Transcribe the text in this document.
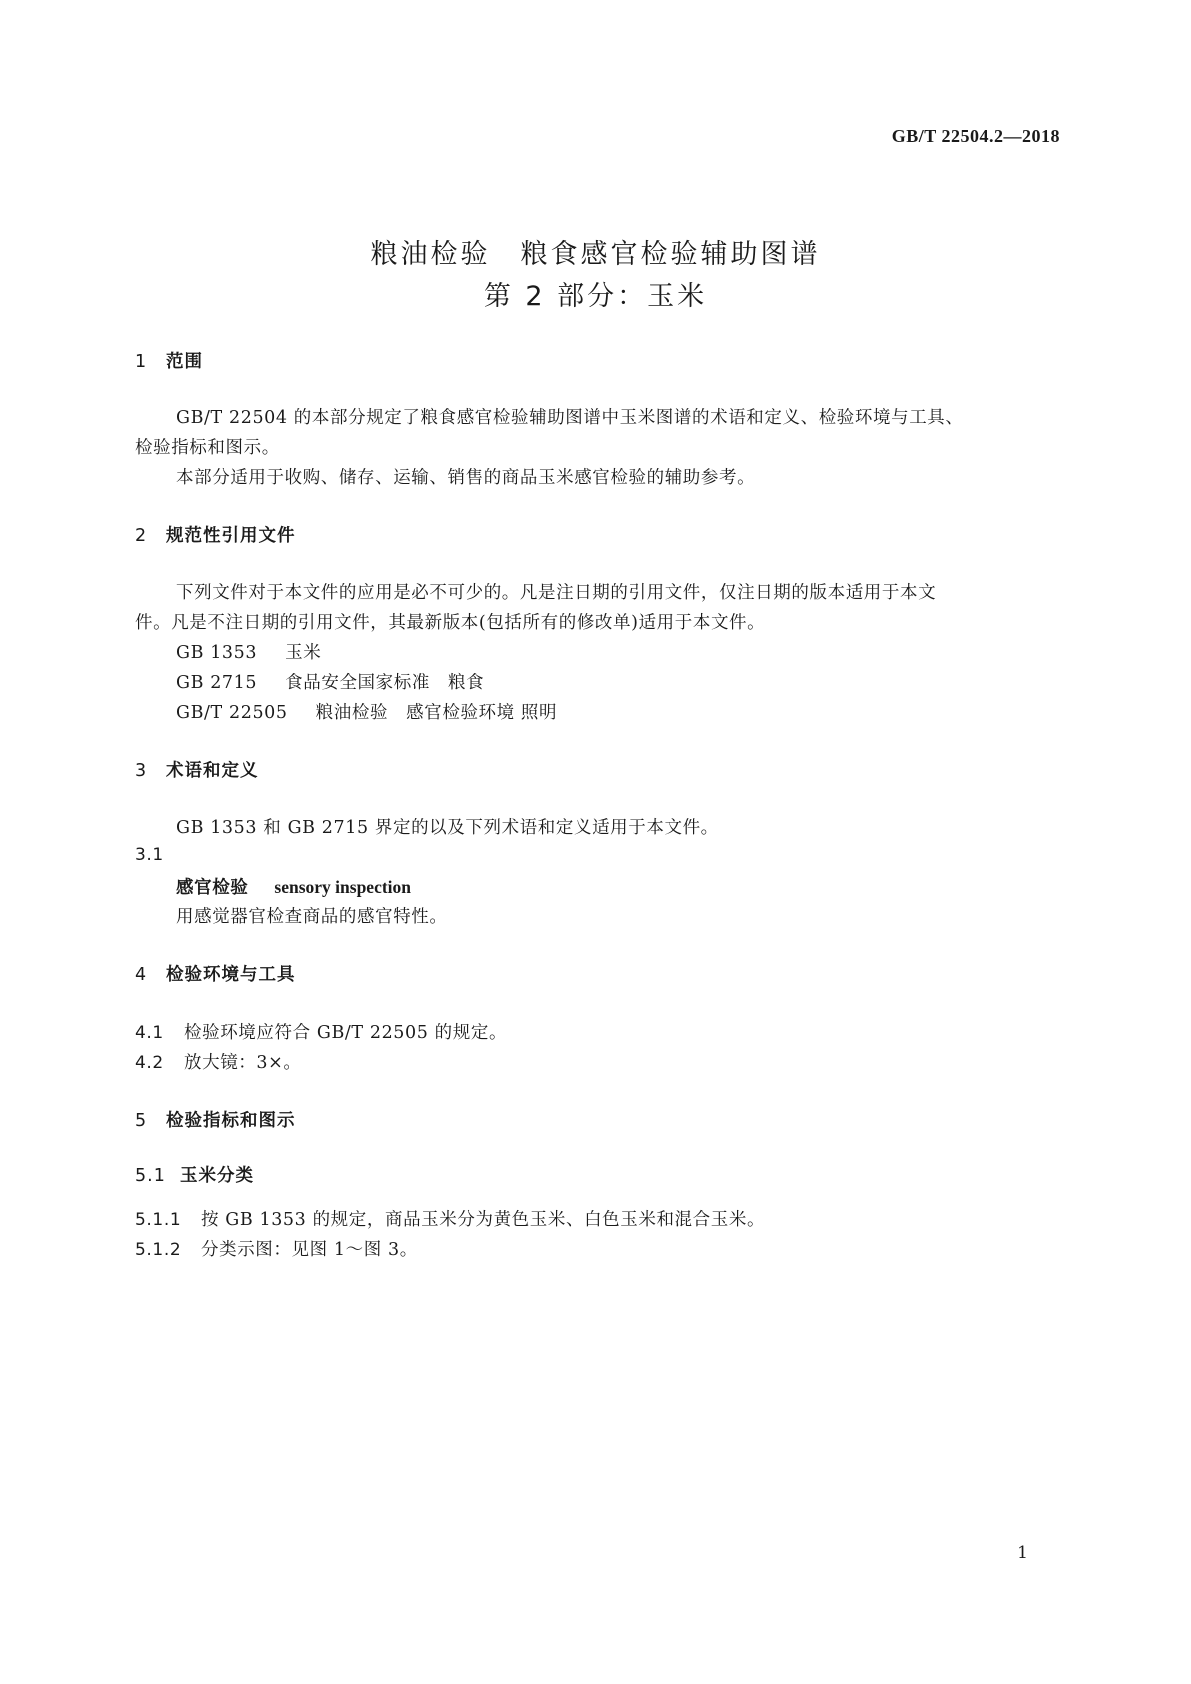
GB/T 22504.2—2018
粮油检验　粮食感官检验辅助图谱
第 2 部分：玉米
1 范围
GB/T 22504 的本部分规定了粮食感官检验辅助图谱中玉米图谱的术语和定义、检验环境与工具、
检验指标和图示。
本部分适用于收购、储存、运输、销售的商品玉米感官检验的辅助参考。
2 规范性引用文件
下列文件对于本文件的应用是必不可少的。凡是注日期的引用文件，仅注日期的版本适用于本文
件。凡是不注日期的引用文件，其最新版本(包括所有的修改单)适用于本文件。
GB 1353 玉米
GB 2715 食品安全国家标准　粮食
GB/T 22505 粮油检验　感官检验环境 照明
3 术语和定义
GB 1353 和 GB 2715 界定的以及下列术语和定义适用于本文件。
3.1
感官检验 sensory inspection
用感觉器官检查商品的感官特性。
4 检验环境与工具
4.1 检验环境应符合 GB/T 22505 的规定。
4.2 放大镜：3×。
5 检验指标和图示
5.1 玉米分类
5.1.1 按 GB 1353 的规定，商品玉米分为黄色玉米、白色玉米和混合玉米。
5.1.2 分类示图：见图 1～图 3。
1
